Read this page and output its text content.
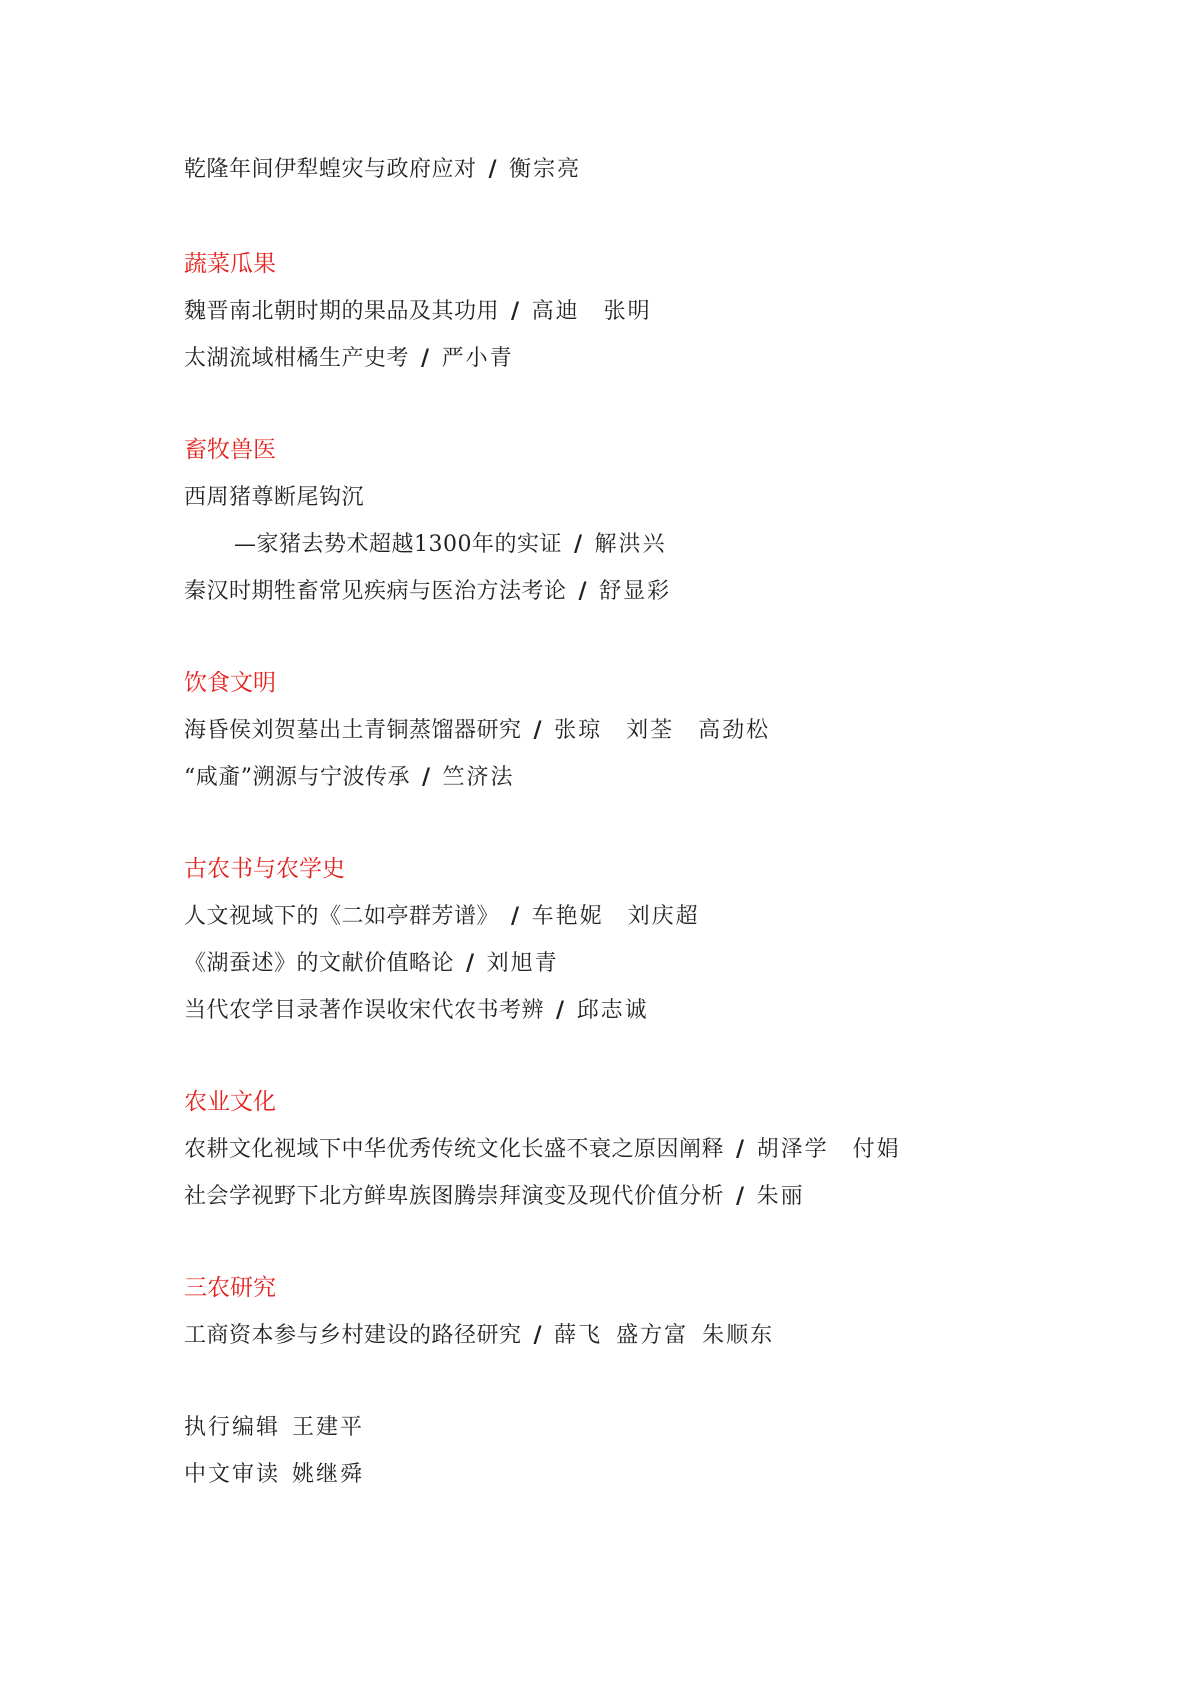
乾隆年间伊犁蝗灾与政府应对 / 衡宗亮
蔬菜瓜果
魏晋南北朝时期的果品及其功用 / 高迪 张明
太湖流域柑橘生产史考 / 严小青
畜牧兽医
西周猪尊断尾钩沉
—家猪去势术超越1300年的实证 / 解洪兴
秦汉时期牲畜常见疾病与医治方法考论 / 舒显彩
饮食文明
海昏侯刘贺墓出土青铜蒸馏器研究 / 张琼 刘荃 高劲松
“咸齑”溯源与宁波传承 / 竺济法
古农书与农学史
人文视域下的《二如亭群芳谱》 / 车艳妮 刘庆超
《湖蚕述》的文献价值略论 / 刘旭青
当代农学目录著作误收宋代农书考辨 / 邱志诚
农业文化
农耕文化视域下中华优秀传统文化长盛不衰之原因阐释 / 胡泽学 付娟
社会学视野下北方鲜卑族图腾崇拜演变及现代价值分析 / 朱丽
三农研究
工商资本参与乡村建设的路径研究 / 薛飞 盛方富 朱顺东
执行编辑 王建平
中文审读 姚继舜
